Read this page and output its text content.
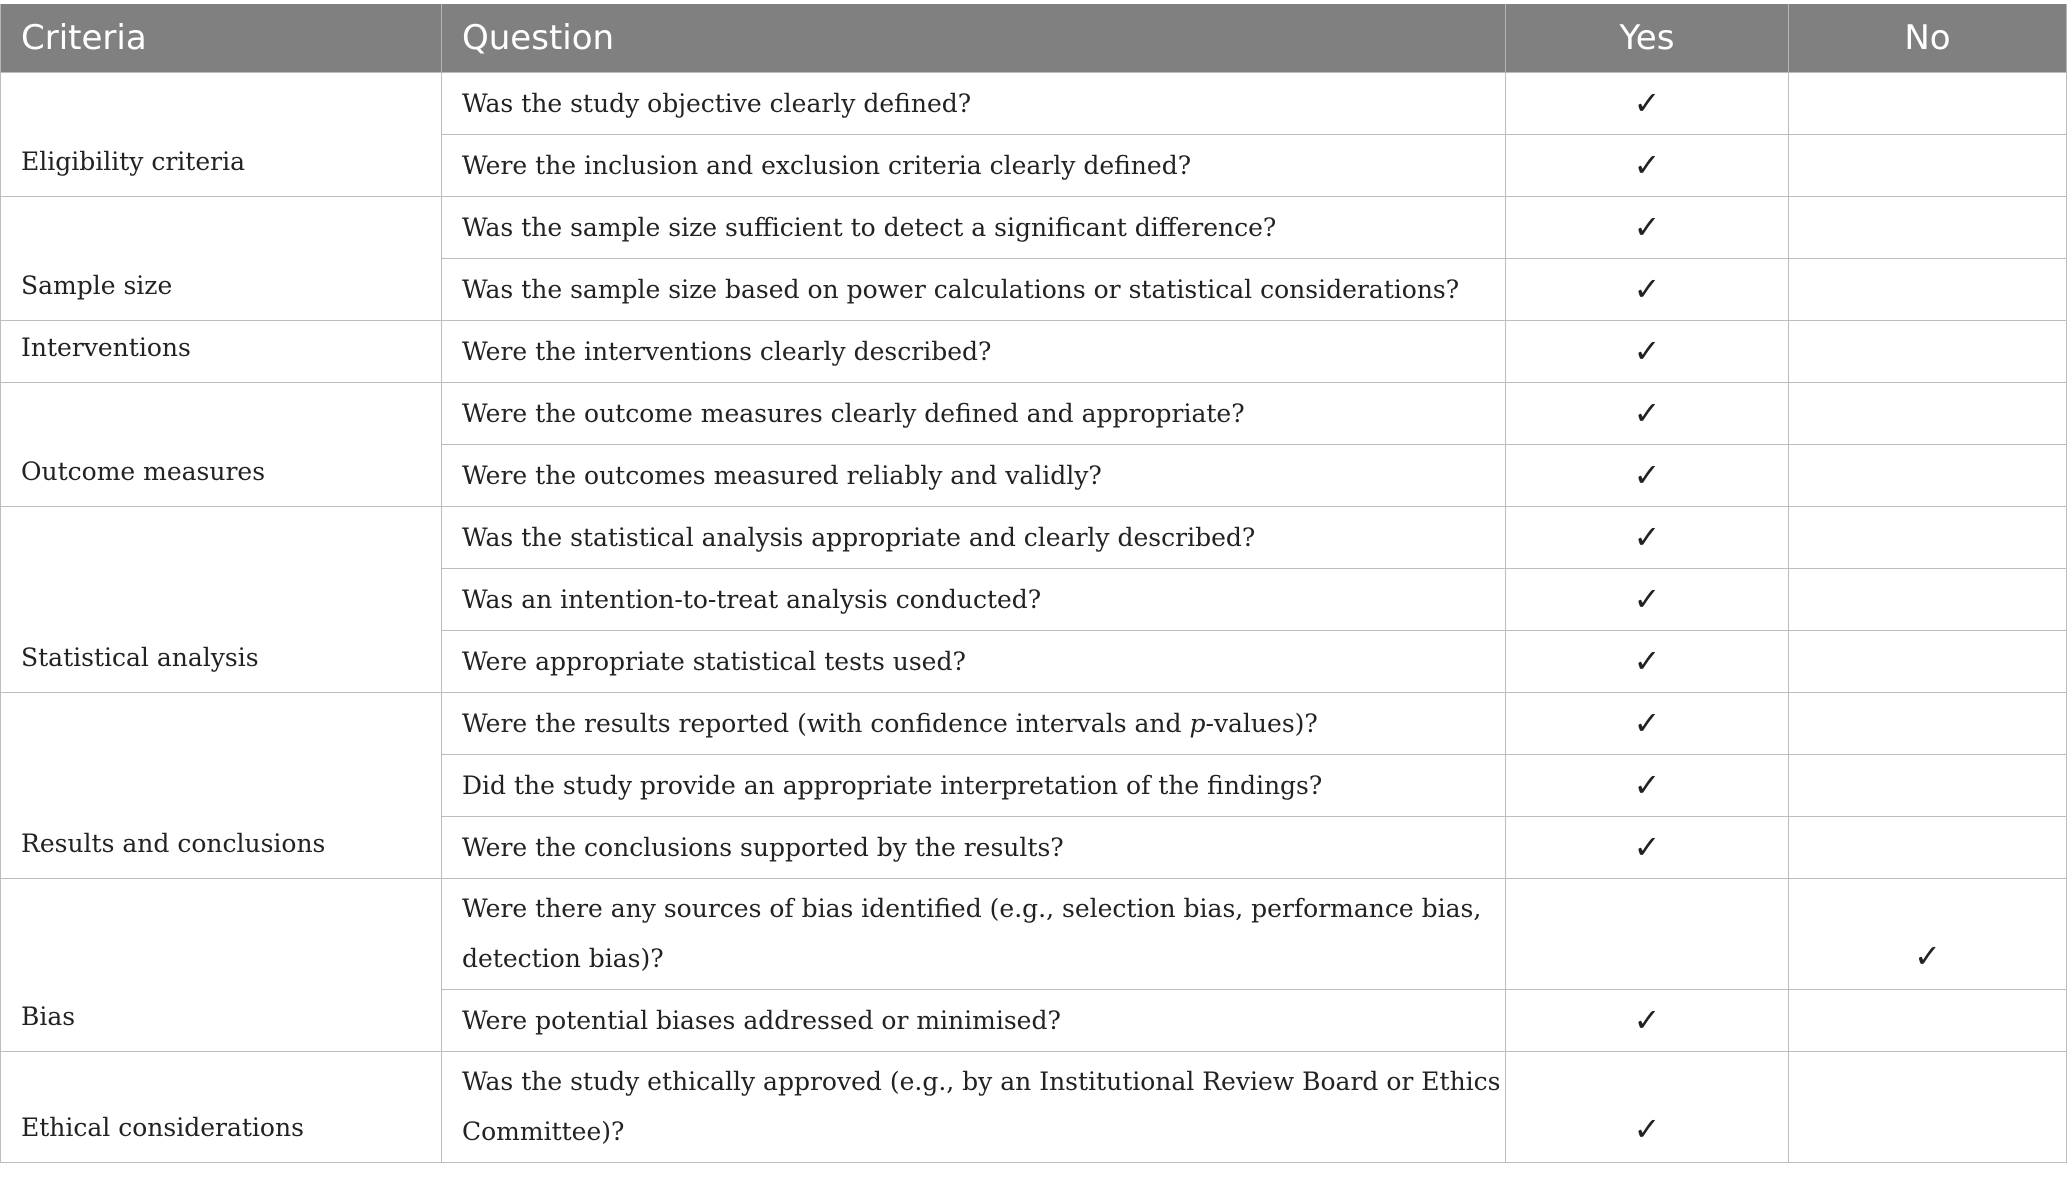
Criteria	Question	Yes	No
Eligibility criteria	Was the study objective clearly defined?	✓	
	Were the inclusion and exclusion criteria clearly defined?	✓	
Sample size	Was the sample size sufficient to detect a significant difference?	✓	
	Was the sample size based on power calculations or statistical considerations?	✓	
Interventions	Were the interventions clearly described?	✓	
Outcome measures	Were the outcome measures clearly defined and appropriate?	✓	
	Were the outcomes measured reliably and validly?	✓	
Statistical analysis	Was the statistical analysis appropriate and clearly described?	✓	
	Was an intention-to-treat analysis conducted?	✓	
	Were appropriate statistical tests used?	✓	
Results and conclusions	Were the results reported (with confidence intervals and p-values)?	✓	
	Did the study provide an appropriate interpretation of the findings?	✓	
	Were the conclusions supported by the results?	✓	
Bias	Were there any sources of bias identified (e.g., selection bias, performance bias, detection bias)?		✓
	Were potential biases addressed or minimised?	✓	
Ethical considerations	Was the study ethically approved (e.g., by an Institutional Review Board or Ethics Committee)?	✓	
